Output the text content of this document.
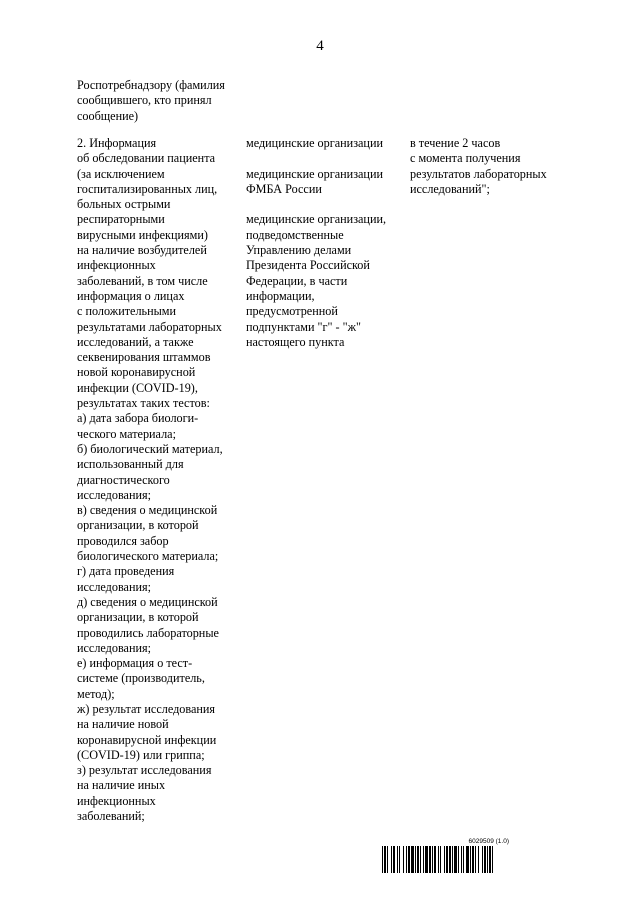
4
Роспотребнадзору (фамилия
сообщившего, кто принял
сообщение)
2. Информация
об обследовании пациента
(за исключением
госпитализированных лиц,
больных острыми
респираторными
вирусными инфекциями)
на наличие возбудителей
инфекционных
заболеваний, в том числе
информация о лицах
с положительными
результатами лабораторных
исследований, а также
секвенирования штаммов
новой коронавирусной
инфекции (COVID-19),
результатах таких тестов:
а) дата забора биологи-
ческого материала;
б) биологический материал,
использованный для
диагностического
исследования;
в) сведения о медицинской
организации, в которой
проводился забор
биологического материала;
г) дата проведения
исследования;
д) сведения о медицинской
организации, в которой
проводились лабораторные
исследования;
е) информация о тест-
системе (производитель,
метод);
ж) результат исследования
на наличие новой
коронавирусной инфекции
(COVID-19) или гриппа;
з) результат исследования
на наличие иных
инфекционных
заболеваний;
медицинские организации
медицинские организации
ФМБА России
медицинские организации,
подведомственные
Управлению делами
Президента Российской
Федерации, в части
информации,
предусмотренной
подпунктами "г" - "ж"
настоящего пункта
в течение 2 часов
с момента получения
результатов лабораторных
исследований";
6029509 (1.0)
